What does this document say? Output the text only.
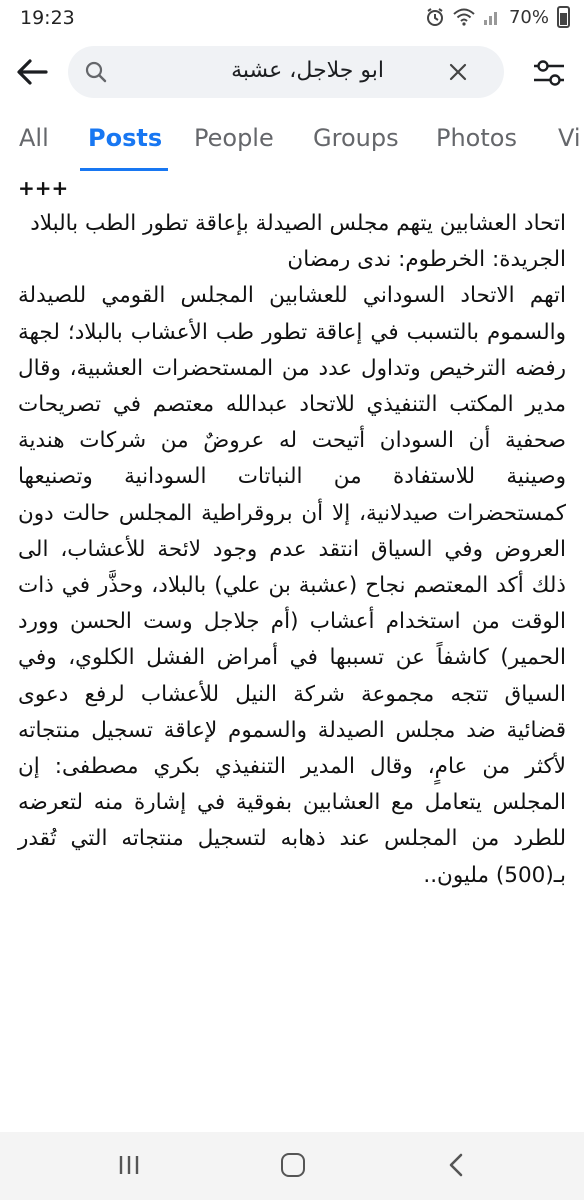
19:23	70%
ابو جلاجل، عشبة
All Posts People Groups Photos Vi
+++

اتحاد العشابين يتهم مجلس الصيدلة بإعاقة تطور الطب بالبلاد

الجريدة: الخرطوم: ندى رمضان

اتهم الاتحاد السوداني للعشابين المجلس القومي للصيدلة والسموم بالتسبب في إعاقة تطور طب الأعشاب بالبلاد؛ لجهة رفضه الترخيص وتداول عدد من المستحضرات العشبية، وقال مدير المكتب التنفيذي للاتحاد عبدالله معتصم في تصريحات صحفية أن السودان أتيحت له عروضٌ من شركات هندية وصينية للاستفادة من النباتات السودانية وتصنيعها كمستحضرات صيدلانية، إلا أن بروقراطية المجلس حالت دون العروض وفي السياق انتقد عدم وجود لائحة للأعشاب، الى ذلك أكد المعتصم نجاح (عشبة بن علي) بالبلاد، وحذَّر في ذات الوقت من استخدام أعشاب (أم جلاجل وست الحسن وورد الحمير) كاشفاً عن تسببها في أمراض الفشل الكلوي، وفي السياق تتجه مجموعة شركة النيل للأعشاب لرفع دعوى قضائية ضد مجلس الصيدلة والسموم لإعاقة تسجيل منتجاته لأكثر من عامٍ، وقال المدير التنفيذي بكري مصطفى: إن المجلس يتعامل مع العشابين بفوقية في إشارة منه لتعرضه للطرد من المجلس عند ذهابه لتسجيل منتجاته التي تُقدر بـ(500) مليون..
